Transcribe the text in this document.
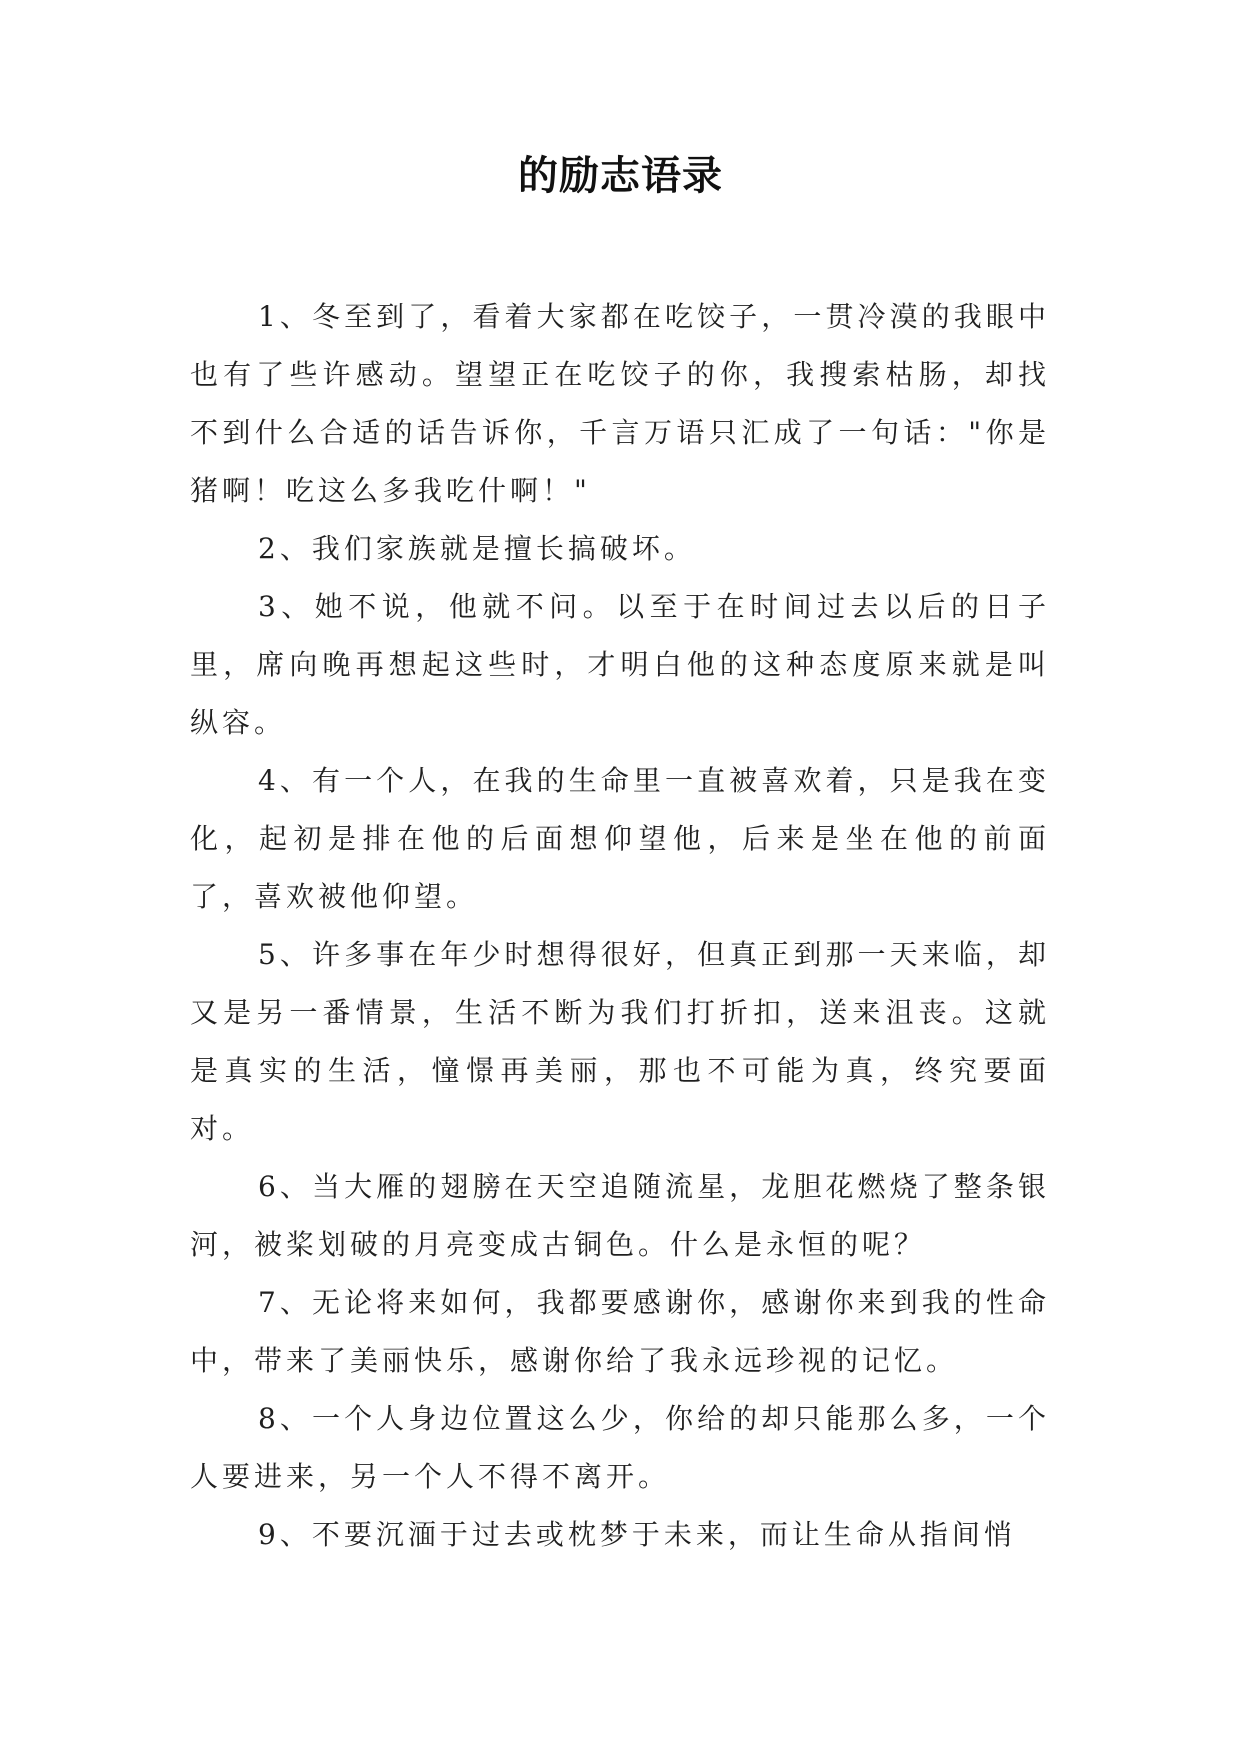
的励志语录

1、冬至到了，看着大家都在吃饺子，一贯冷漠的我眼中也有了些许感动。望望正在吃饺子的你，我搜索枯肠，却找不到什么合适的话告诉你，千言万语只汇成了一句话："你是猪啊！吃这么多我吃什啊！"

2、我们家族就是擅长搞破坏。

3、她不说，他就不问。以至于在时间过去以后的日子里，席向晚再想起这些时，才明白他的这种态度原来就是叫纵容。

4、有一个人，在我的生命里一直被喜欢着，只是我在变化，起初是排在他的后面想仰望他，后来是坐在他的前面了，喜欢被他仰望。

5、许多事在年少时想得很好，但真正到那一天来临，却又是另一番情景，生活不断为我们打折扣，送来沮丧。这就是真实的生活，憧憬再美丽，那也不可能为真，终究要面对。

6、当大雁的翅膀在天空追随流星，龙胆花燃烧了整条银河，被桨划破的月亮变成古铜色。什么是永恒的呢？

7、无论将来如何，我都要感谢你，感谢你来到我的性命中，带来了美丽快乐，感谢你给了我永远珍视的记忆。

8、一个人身边位置这么少，你给的却只能那么多，一个人要进来，另一个人不得不离开。

9、不要沉湎于过去或枕梦于未来，而让生命从指间悄
